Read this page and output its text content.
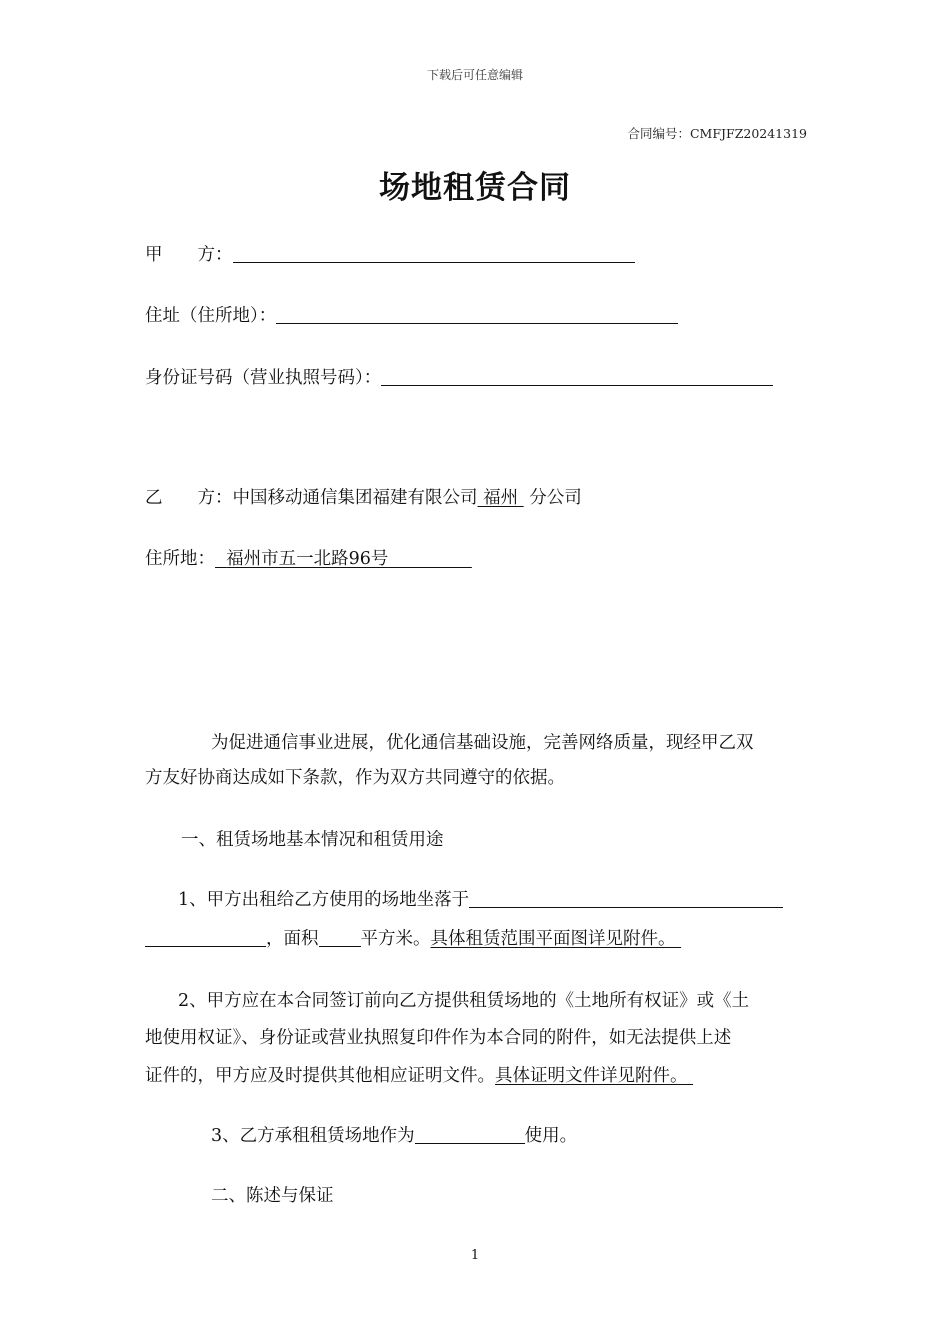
下载后可任意编辑
合同编号：CMFJFZ20241319
场地租赁合同
甲　　方：
住址（住所地）：
身份证号码（营业执照号码）：
乙　　方：中国移动通信集团福建有限公司 福州 分公司
住所地： 福州市五一北路96号
为促进通信事业进展，优化通信基础设施，完善网络质量，现经甲乙双
方友好协商达成如下条款，作为双方共同遵守的依据。
一、租赁场地基本情况和租赁用途
1、甲方出租给乙方使用的场地坐落于
，面积 平方米。具体租赁范围平面图详见附件。
2、甲方应在本合同签订前向乙方提供租赁场地的《土地所有权证》或《土
地使用权证》、身份证或营业执照复印件作为本合同的附件，如无法提供上述
证件的，甲方应及时提供其他相应证明文件。具体证明文件详见附件。
3、乙方承租租赁场地作为	使用。
二、陈述与保证
1
